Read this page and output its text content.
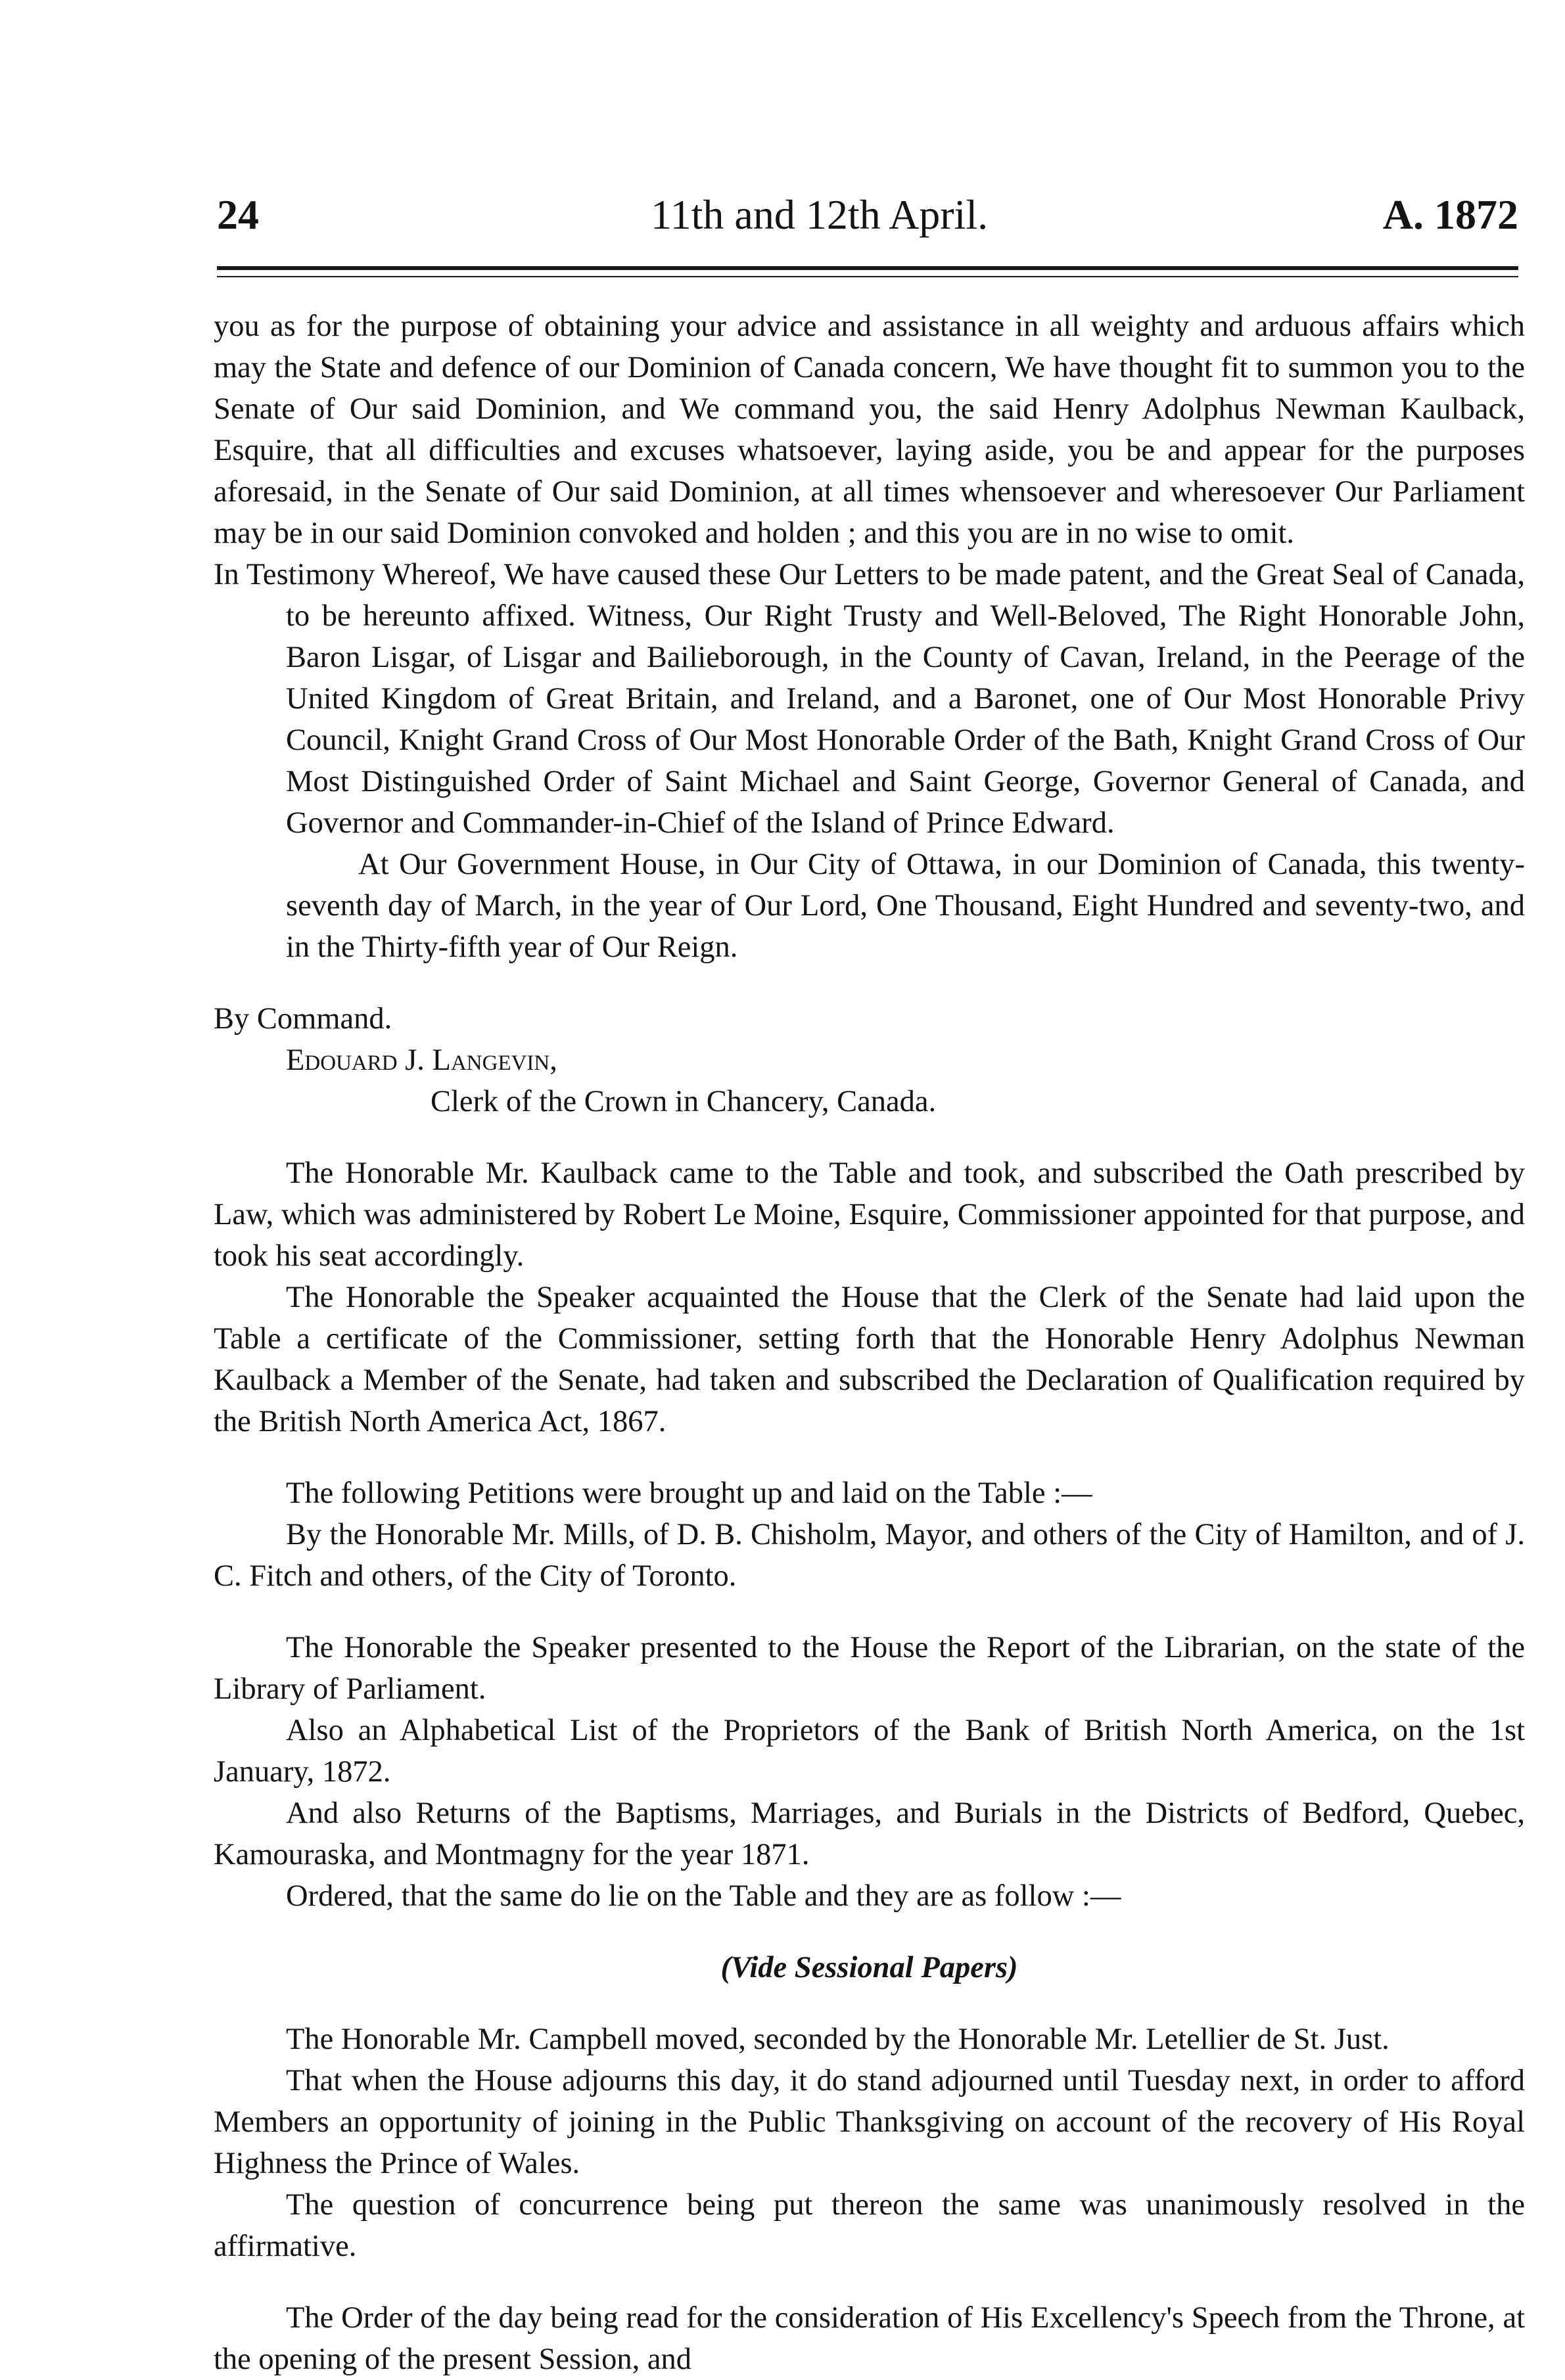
24	11th and 12th April.	A. 1872

you as for the purpose of obtaining your advice and assistance in all weighty and arduous affairs which may the State and defence of our Dominion of Canada concern, We have thought fit to summon you to the Senate of Our said Dominion, and We command you, the said Henry Adolphus Newman Kaulback, Esquire, that all difficulties and excuses whatsoever, laying aside, you be and appear for the purposes aforesaid, in the Senate of Our said Dominion, at all times whensoever and wheresoever Our Parliament may be in our said Dominion convoked and holden ; and this you are in no wise to omit.

In Testimony Whereof, We have caused these Our Letters to be made patent, and the Great Seal of Canada, to be hereunto affixed. Witness, Our Right Trusty and Well-Beloved, The Right Honorable John, Baron Lisgar, of Lisgar and Bailieborough, in the County of Cavan, Ireland, in the Peerage of the United Kingdom of Great Britain, and Ireland, and a Baronet, one of Our Most Honorable Privy Council, Knight Grand Cross of Our Most Honorable Order of the Bath, Knight Grand Cross of Our Most Distinguished Order of Saint Michael and Saint George, Governor General of Canada, and Governor and Commander-in-Chief of the Island of Prince Edward.

At Our Government House, in Our City of Ottawa, in our Dominion of Canada, this twenty-seventh day of March, in the year of Our Lord, One Thousand, Eight Hundred and seventy-two, and in the Thirty-fifth year of Our Reign.

By Command.

Edouard J. Langevin,

Clerk of the Crown in Chancery, Canada.

The Honorable Mr. Kaulback came to the Table and took, and subscribed the Oath prescribed by Law, which was administered by Robert Le Moine, Esquire, Commissioner appointed for that purpose, and took his seat accordingly.

The Honorable the Speaker acquainted the House that the Clerk of the Senate had laid upon the Table a certificate of the Commissioner, setting forth that the Honorable Henry Adolphus Newman Kaulback a Member of the Senate, had taken and subscribed the Declaration of Qualification required by the British North America Act, 1867.

The following Petitions were brought up and laid on the Table :—

By the Honorable Mr. Mills, of D. B. Chisholm, Mayor, and others of the City of Hamilton, and of J. C. Fitch and others, of the City of Toronto.

The Honorable the Speaker presented to the House the Report of the Librarian, on the state of the Library of Parliament.

Also an Alphabetical List of the Proprietors of the Bank of British North America, on the 1st January, 1872.

And also Returns of the Baptisms, Marriages, and Burials in the Districts of Bedford, Quebec, Kamouraska, and Montmagny for the year 1871.

Ordered, that the same do lie on the Table and they are as follow :—

(Vide Sessional Papers)

The Honorable Mr. Campbell moved, seconded by the Honorable Mr. Letellier de St. Just.

That when the House adjourns this day, it do stand adjourned until Tuesday next, in order to afford Members an opportunity of joining in the Public Thanksgiving on account of the recovery of His Royal Highness the Prince of Wales.

The question of concurrence being put thereon the same was unanimously resolved in the affirmative.

The Order of the day being read for the consideration of His Excellency's Speech from the Throne, at the opening of the present Session, and
